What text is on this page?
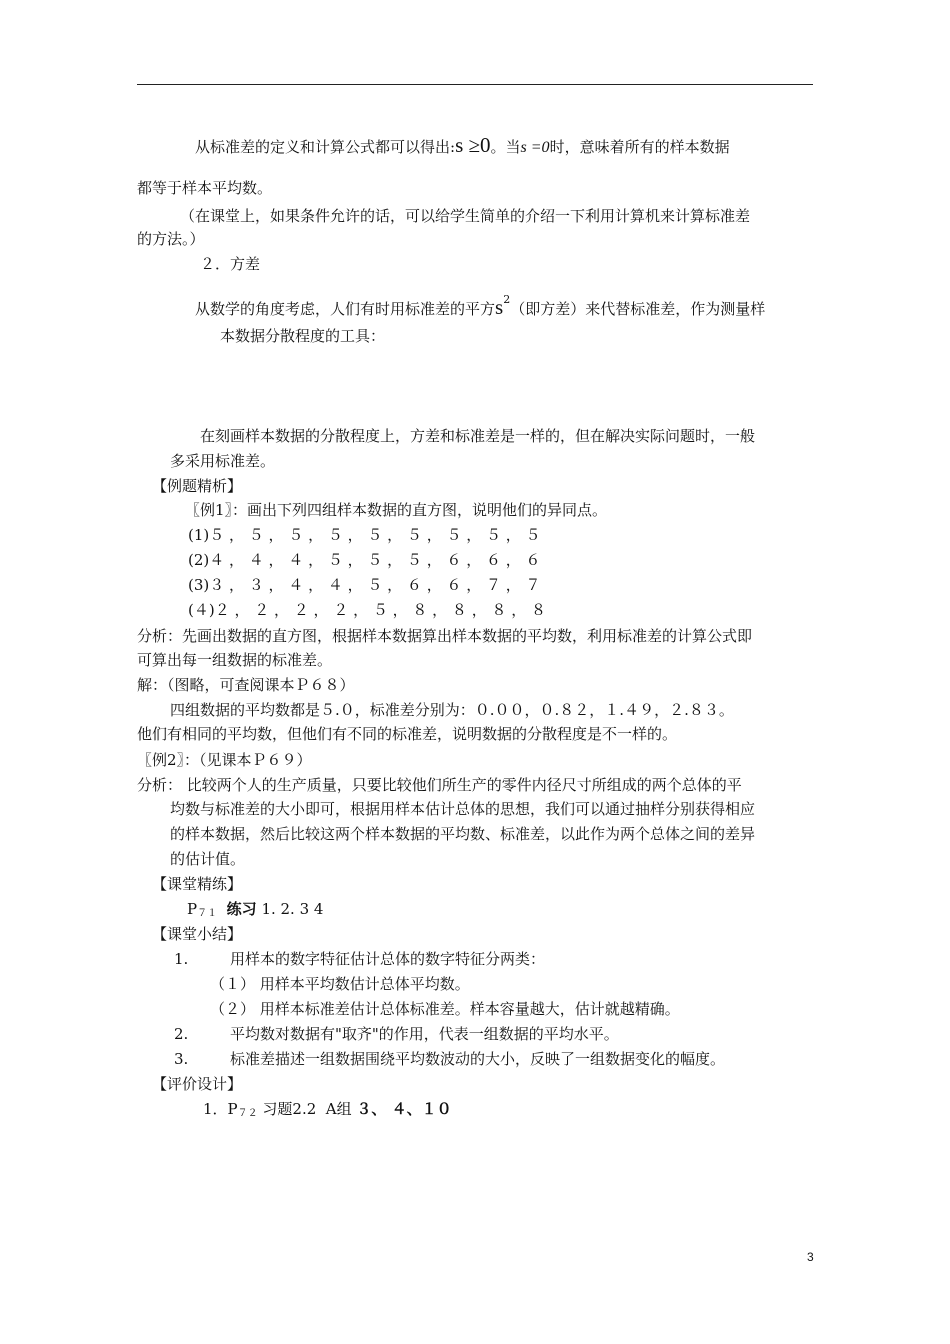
从标准差的定义和计算公式都可以得出:s ≥0。当s =0时，意味着所有的样本数据
都等于样本平均数。
（在课堂上，如果条件允许的话，可以给学生简单的介绍一下利用计算机来计算标准差
的方法。）
２．方差
从数学的角度考虑，人们有时用标准差的平方$s^2$（即方差）来代替标准差，作为测量样
本数据分散程度的工具：
在刻画样本数据的分散程度上，方差和标准差是一样的，但在解决实际问题时，一般
多采用标准差。
【例题精析】
〖例1〗：画出下列四组样本数据的直方图，说明他们的异同点。
(1)５ ， ５ ， ５ ， ５ ， ５ ， ５ ， ５ ， ５ ， ５
(2)４ ， ４ ， ４ ， ５ ， ５ ， ５ ， ６ ， ６ ， ６
(3)３ ， ３ ， ４ ， ４ ， ５ ， ６ ， ６ ， ７ ， ７
(４)２ ， ２ ， ２ ， ２ ， ５ ， ８ ， ８ ， ８ ， ８
分析：先画出数据的直方图，根据样本数据算出样本数据的平均数，利用标准差的计算公式即
可算出每一组数据的标准差。
解：（图略，可查阅课本Ｐ６８）
四组数据的平均数都是５.０，标准差分别为：０.００，０.８２，１.４９，２.８３。
他们有相同的平均数，但他们有不同的标准差，说明数据的分散程度是不一样的。
〖例2〗：（见课本Ｐ６９）
分析： 比较两个人的生产质量，只要比较他们所生产的零件内径尺寸所组成的两个总体的平
均数与标准差的大小即可，根据用样本估计总体的思想，我们可以通过抽样分别获得相应
的样本数据，然后比较这两个样本数据的平均数、标准差，以此作为两个总体之间的差异
的估计值。
【课堂精练】
$P_{71}$ 练习 1. 2. 3 4
【课堂小结】
1.	用样本的数字特征估计总体的数字特征分两类：
（１） 用样本平均数估计总体平均数。
（２） 用样本标准差估计总体标准差。样本容量越大，估计就越精确。
2.	平均数对数据有"取齐"的作用，代表一组数据的平均水平。
3.	标准差描述一组数据围绕平均数波动的大小，反映了一组数据变化的幅度。
【评价设计】
1．$P_{72}$ 习题2.2  A组 ３、 ４、１０
3
